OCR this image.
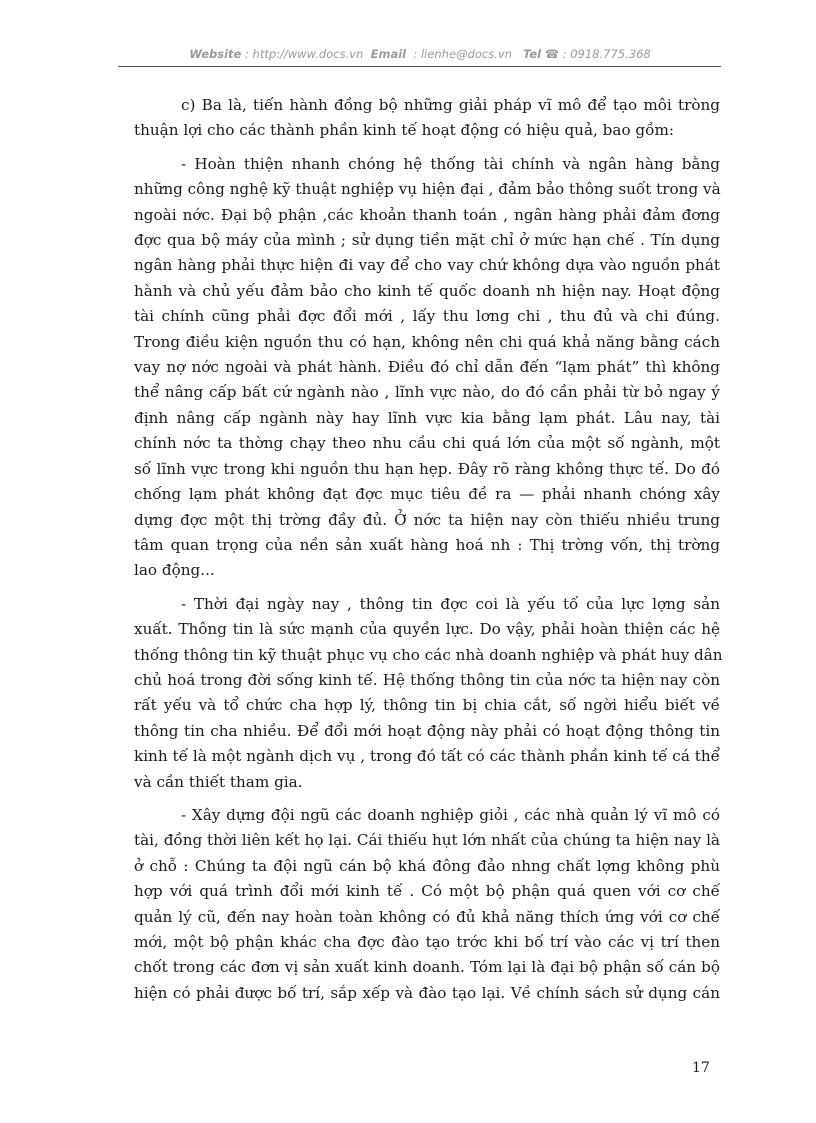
Website : http://www.docs.vn Email : lienhe@docs.vn Tel ☎ : 0918.775.368
c) Ba là, tiến hành đồng bộ những giải pháp vĩ mô để tạo môi tròng
thuận lợi cho các thành phần kinh tế hoạt động có hiệu quả, bao gồm:
- Hoàn thiện nhanh chóng hệ thống tài chính và ngân hàng bằng
những công nghệ kỹ thuật nghiệp vụ hiện đại , đảm bảo thông suốt trong và
ngoài nớc. Đại bộ phận ,các khoản thanh toán , ngân hàng phải đảm đơng
đợc qua bộ máy của mình ; sử dụng tiền mặt chỉ ở mức hạn chế . Tín dụng
ngân hàng phải thực hiện đi vay để cho vay chứ không dựa vào nguồn phát
hành và chủ yếu đảm bảo cho kinh tế quốc doanh nh hiện nay. Hoạt động
tài chính cũng phải đợc đổi mới , lấy thu lơng chi , thu đủ và chi đúng.
Trong điều kiện nguồn thu có hạn, không nên chi quá khả năng bằng cách
vay nợ nớc ngoài và phát hành. Điều đó chỉ dẫn đến “lạm phát” thì không
thể nâng cấp bất cứ ngành nào , lĩnh vực nào, do đó cần phải từ bỏ ngay ý
định nâng cấp ngành này hay lĩnh vực kia bằng lạm phát. Lâu nay, tài
chính nớc ta thờng chạy theo nhu cầu chi quá lớn của một số ngành, một
số lĩnh vực trong khi nguồn thu hạn hẹp. Đây rõ ràng không thực tế. Do đó
chống lạm phát không đạt đợc mục tiêu đề ra — phải nhanh chóng xây
dựng đợc một thị trờng đầy đủ. Ở nớc ta hiện nay còn thiếu nhiều trung
tâm quan trọng của nền sản xuất hàng hoá nh : Thị trờng vốn, thị trờng
lao động...
- Thời đại ngày nay , thông tin đợc coi là yếu tố của lực lợng sản
xuất. Thông tin là sức mạnh của quyền lực. Do vậy, phải hoàn thiện các hệ
thống thông tin kỹ thuật phục vụ cho các nhà doanh nghiệp và phát huy dân
chủ hoá trong đời sống kinh tế. Hệ thống thông tin của nớc ta hiện nay còn
rất yếu và tổ chức cha hợp lý, thông tin bị chia cắt, số ngời hiểu biết về
thông tin cha nhiều. Để đổi mới hoạt động này phải có hoạt động thông tin
kinh tế là một ngành dịch vụ , trong đó tất có các thành phần kinh tế cá thể
và cần thiết tham gia.
- Xây dựng đội ngũ các doanh nghiệp giỏi , các nhà quản lý vĩ mô có
tài, đồng thời liên kết họ lại. Cái thiếu hụt lớn nhất của chúng ta hiện nay là
ở chỗ : Chúng ta đội ngũ cán bộ khá đông đảo nhng chất lợng không phù
hợp với quá trình đổi mới kinh tế . Có một bộ phận quá quen với cơ chế
quản lý cũ, đến nay hoàn toàn không có đủ khả năng thích ứng với cơ chế
mới, một bộ phận khác cha đợc đào tạo trớc khi bố trí vào các vị trí then
chốt trong các đơn vị sản xuất kinh doanh. Tóm lại là đại bộ phận số cán bộ
hiện có phải được bố trí, sắp xếp và đào tạo lại. Về chính sách sử dụng cán
17
